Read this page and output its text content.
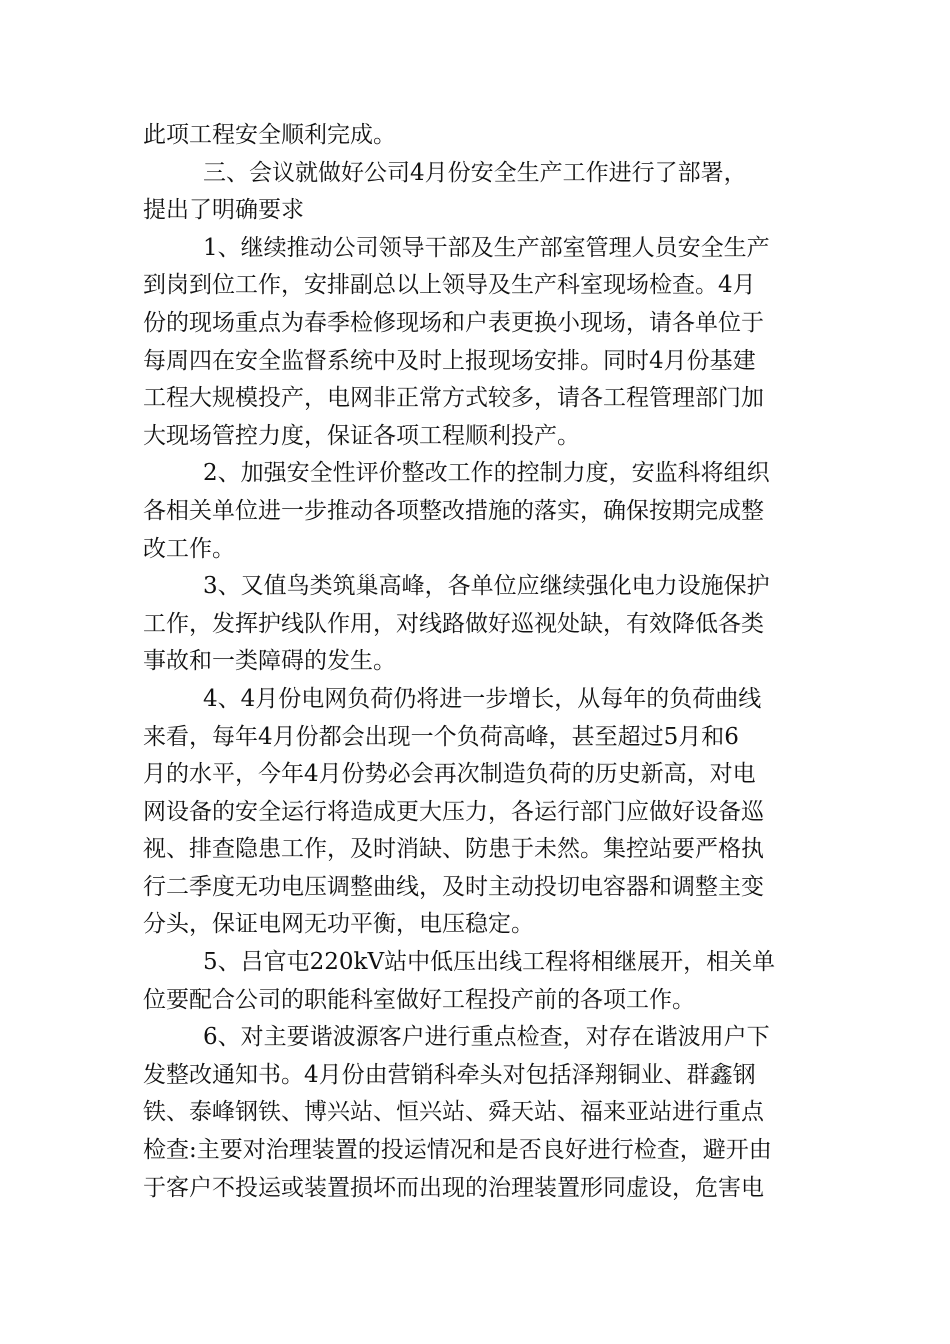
此项工程安全顺利完成。
三、会议就做好公司4月份安全生产工作进行了部署，
提出了明确要求
1、继续推动公司领导干部及生产部室管理人员安全生产
到岗到位工作，安排副总以上领导及生产科室现场检查。4月
份的现场重点为春季检修现场和户表更换小现场，请各单位于
每周四在安全监督系统中及时上报现场安排。同时4月份基建
工程大规模投产，电网非正常方式较多，请各工程管理部门加
大现场管控力度，保证各项工程顺利投产。
2、加强安全性评价整改工作的控制力度，安监科将组织
各相关单位进一步推动各项整改措施的落实，确保按期完成整
改工作。
3、又值鸟类筑巢高峰，各单位应继续强化电力设施保护
工作，发挥护线队作用，对线路做好巡视处缺，有效降低各类
事故和一类障碍的发生。
4、4月份电网负荷仍将进一步增长，从每年的负荷曲线
来看，每年4月份都会出现一个负荷高峰，甚至超过5月和6
月的水平，今年4月份势必会再次制造负荷的历史新高，对电
网设备的安全运行将造成更大压力，各运行部门应做好设备巡
视、排查隐患工作，及时消缺、防患于未然。集控站要严格执
行二季度无功电压调整曲线，及时主动投切电容器和调整主变
分头，保证电网无功平衡，电压稳定。
5、吕官屯220kV站中低压出线工程将相继展开，相关单
位要配合公司的职能科室做好工程投产前的各项工作。
6、对主要谐波源客户进行重点检查，对存在谐波用户下
发整改通知书。4月份由营销科牵头对包括泽翔铜业、群鑫钢
铁、泰峰钢铁、博兴站、恒兴站、舜天站、福来亚站进行重点
检查:主要对治理装置的投运情况和是否良好进行检查，避开由
于客户不投运或装置损坏而出现的治理装置形同虚设，危害电
